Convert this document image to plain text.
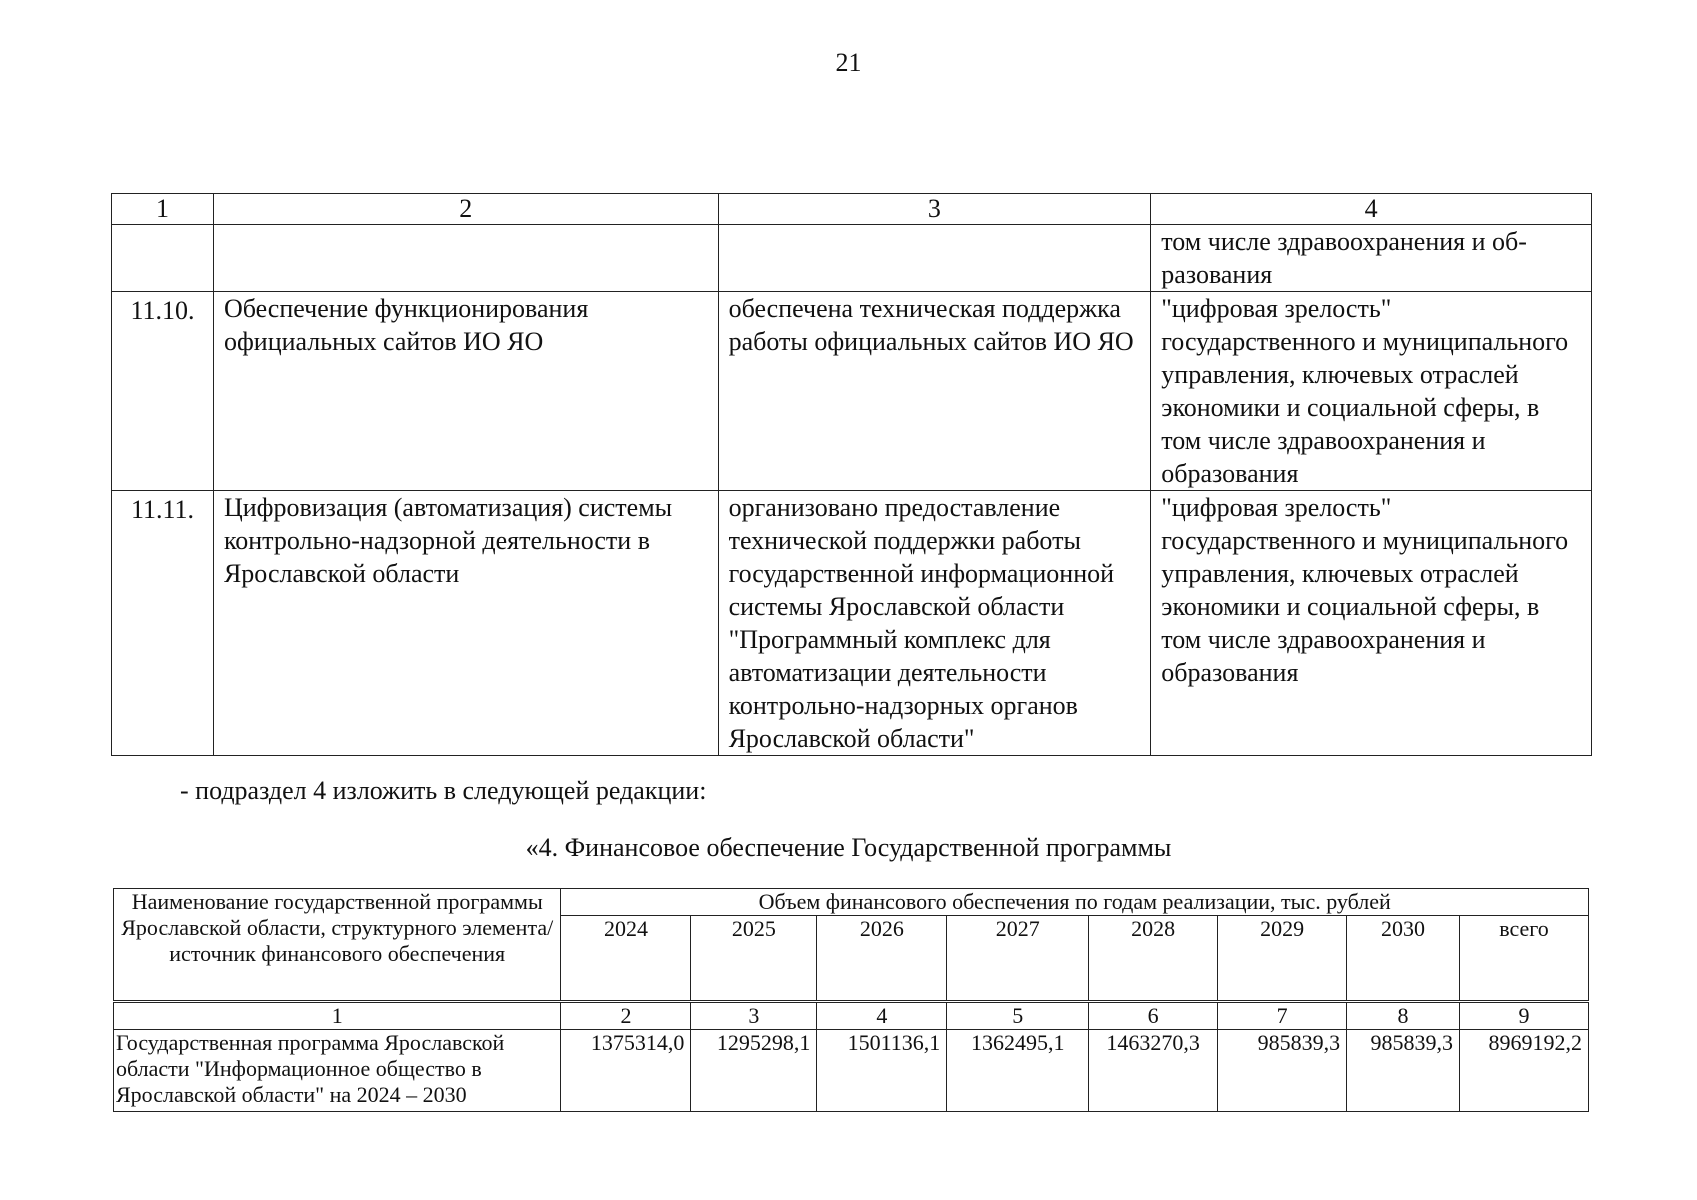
21
1	2	3	4
			том числе здравоохранения и об-разования
11.10.	Обеспечение функционирования официальных сайтов ИО ЯО	обеспечена техническая поддержка работы официальных сайтов ИО ЯО	"цифровая зрелость" государственного и муниципального управления, ключевых отраслей экономики и социальной сферы, в том числе здравоохранения и образования
11.11.	Цифровизация (автоматизация) системы контрольно-надзорной деятельности в Ярославской области	организовано предоставление технической поддержки работы государственной информационной системы Ярославской области "Программный комплекс для автоматизации деятельности контрольно-надзорных органов Ярославской области"	"цифровая зрелость" государственного и муниципального управления, ключевых отраслей экономики и социальной сферы, в том числе здравоохранения и образования
- подраздел 4 изложить в следующей редакции:
«4. Финансовое обеспечение Государственной программы
Наименование государственной программы Ярославской области, структурного элемента/ источник финансового обеспечения	Объем финансового обеспечения по годам реализации, тыс. рублей							
	2024	2025	2026	2027	2028	2029	2030	всего
1	2	3	4	5	6	7	8	9
Государственная программа Ярославской области "Информационное общество в Ярославской области" на 2024 – 2030	1375314,0	1295298,1	1501136,1	1362495,1	1463270,3	985839,3	985839,3	8969192,2
